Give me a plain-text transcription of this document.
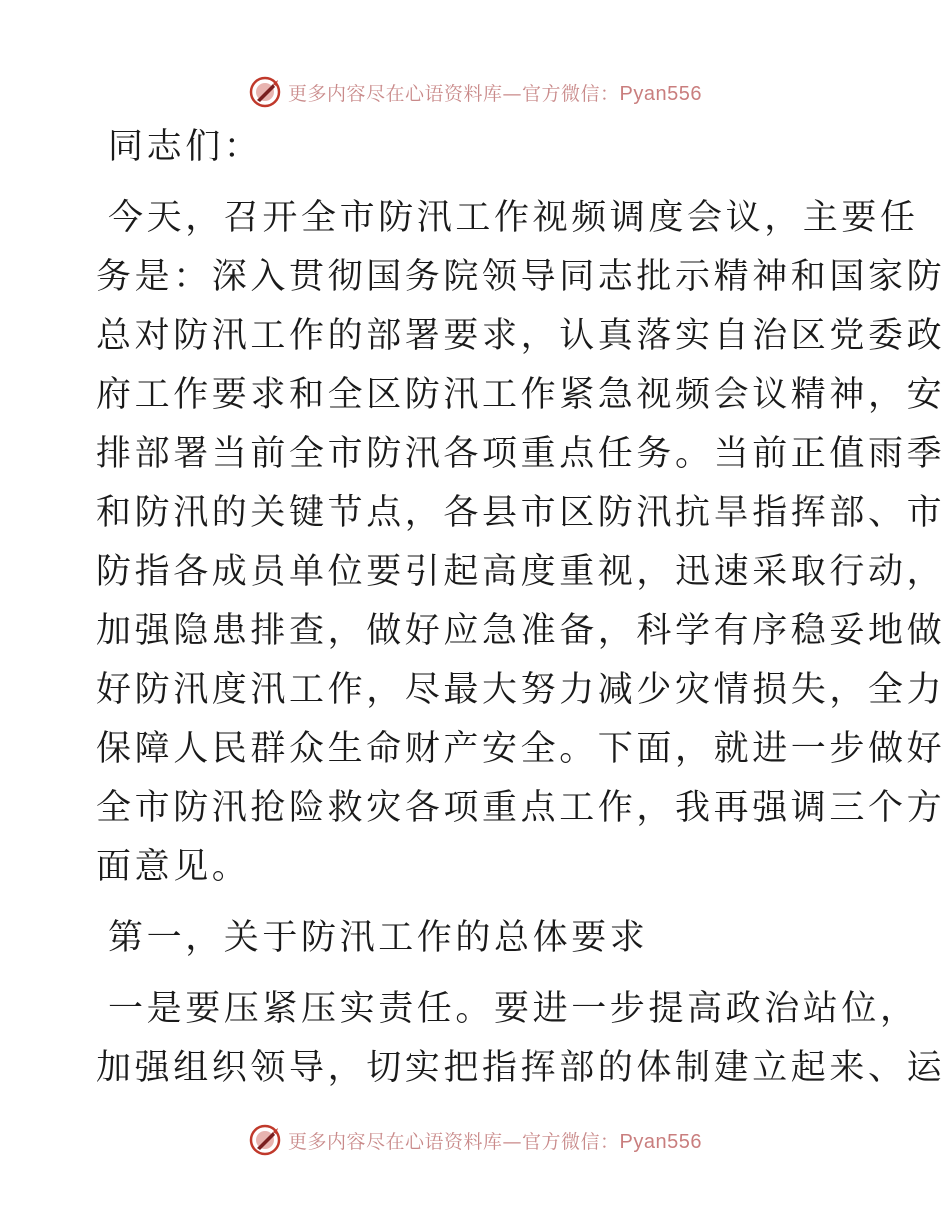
更多内容尽在心语资料库—官方微信：Pyan556

同志们：

今天，召开全市防汛工作视频调度会议，主要任

务是：深入贯彻国务院领导同志批示精神和国家防

总对防汛工作的部署要求，认真落实自治区党委政

府工作要求和全区防汛工作紧急视频会议精神，安

排部署当前全市防汛各项重点任务。当前正值雨季

和防汛的关键节点，各县市区防汛抗旱指挥部、市

防指各成员单位要引起高度重视，迅速采取行动，

加强隐患排查，做好应急准备，科学有序稳妥地做

好防汛度汛工作，尽最大努力减少灾情损失，全力

保障人民群众生命财产安全。下面，就进一步做好

全市防汛抢险救灾各项重点工作，我再强调三个方

面意见。

第一，关于防汛工作的总体要求

一是要压紧压实责任。要进一步提高政治站位，

加强组织领导，切实把指挥部的体制建立起来、运

更多内容尽在心语资料库—官方微信：Pyan556
